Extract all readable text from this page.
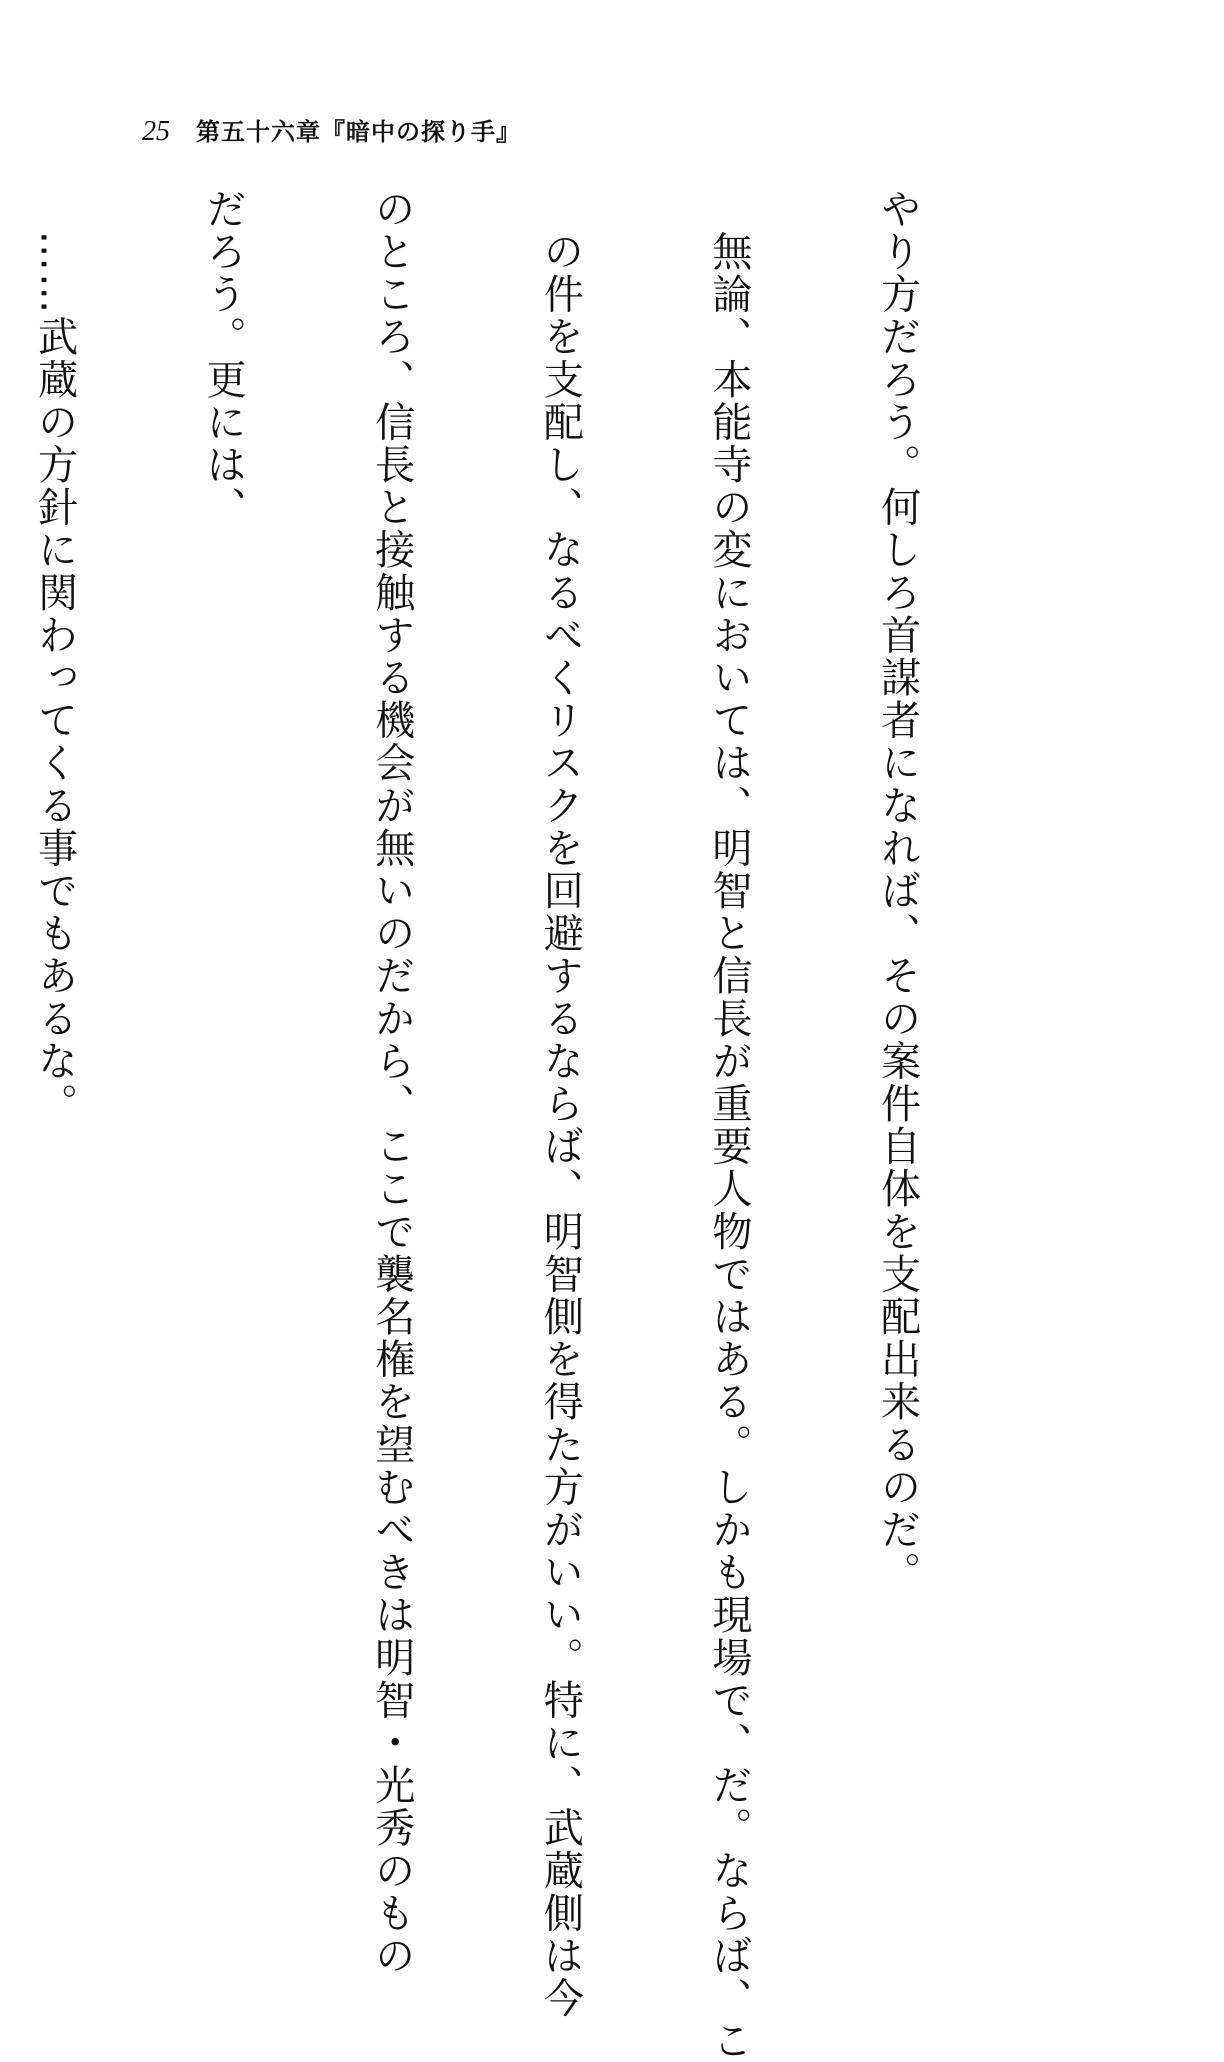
25 第五十六章『暗中の探り手』

やり方だろう。何しろ首謀者になれば、その案件自体を支配出来るのだ。

　無論、本能寺の変においては、明智と信長が重要人物ではある。しかも現場で、だ。ならば、こ

　の件を支配し、なるべくリスクを回避するならば、明智側を得た方がいい。特に、武蔵側は今

のところ、信長と接触する機会が無いのだから、ここで襲名権を望むべきは明智・光秀のもの

だろう。更には、

　……武蔵の方針に関わってくる事でもあるな。
